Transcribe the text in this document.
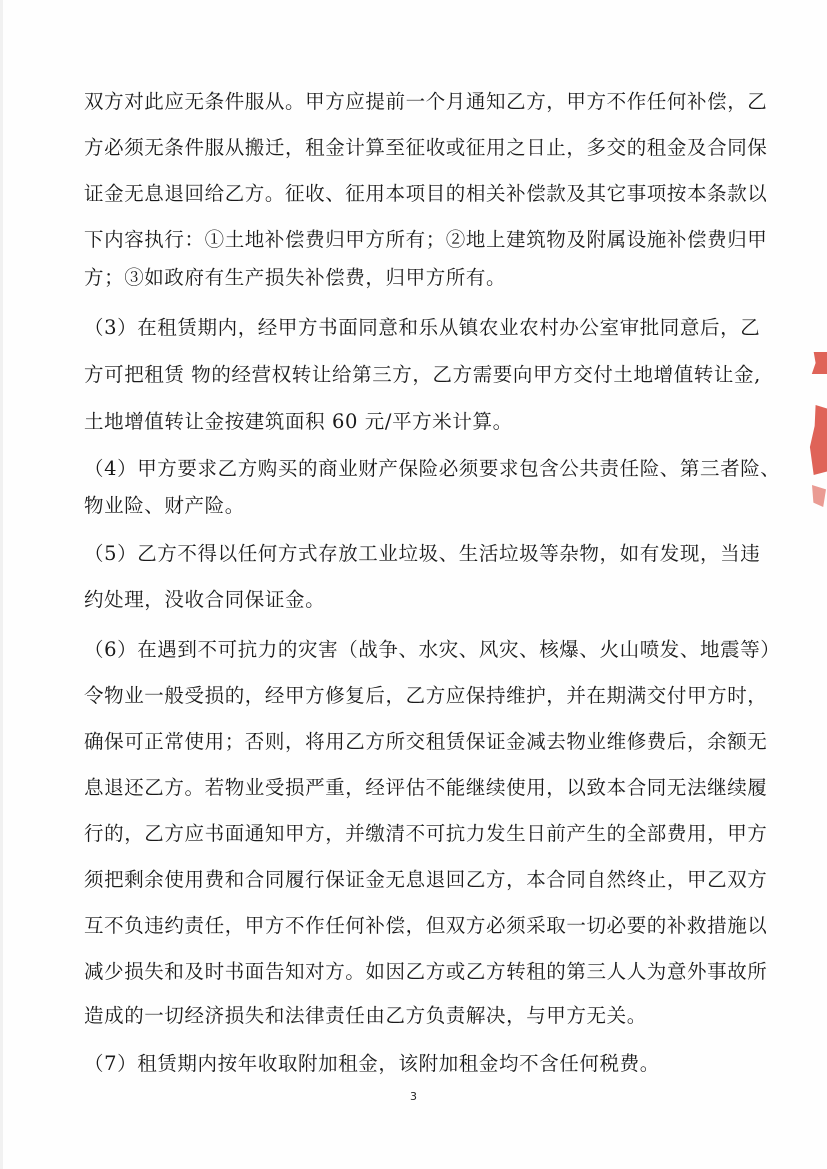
双方对此应无条件服从。甲方应提前一个月通知乙方，甲方不作任何补偿，乙
方必须无条件服从搬迁，租金计算至征收或征用之日止，多交的租金及合同保
证金无息退回给乙方。征收、征用本项目的相关补偿款及其它事项按本条款以
下内容执行：①土地补偿费归甲方所有；②地上建筑物及附属设施补偿费归甲
方；③如政府有生产损失补偿费，归甲方所有。
（3）在租赁期内，经甲方书面同意和乐从镇农业农村办公室审批同意后，乙
方可把租赁 物的经营权转让给第三方，乙方需要向甲方交付土地增值转让金,
土地增值转让金按建筑面积 60 元/平方米计算。
（4）甲方要求乙方购买的商业财产保险必须要求包含公共责任险、第三者险、
物业险、财产险。
（5）乙方不得以任何方式存放工业垃圾、生活垃圾等杂物，如有发现，当违
约处理，没收合同保证金。
（6）在遇到不可抗力的灾害（战争、水灾、风灾、核爆、火山喷发、地震等）
令物业一般受损的，经甲方修复后，乙方应保持维护，并在期满交付甲方时，
确保可正常使用；否则，将用乙方所交租赁保证金减去物业维修费后，余额无
息退还乙方。若物业受损严重，经评估不能继续使用，以致本合同无法继续履
行的，乙方应书面通知甲方，并缴清不可抗力发生日前产生的全部费用，甲方
须把剩余使用费和合同履行保证金无息退回乙方，本合同自然终止，甲乙双方
互不负违约责任，甲方不作任何补偿，但双方必须采取一切必要的补救措施以
减少损失和及时书面告知对方。如因乙方或乙方转租的第三人人为意外事故所
造成的一切经济损失和法律责任由乙方负责解决，与甲方无关。
（7）租赁期内按年收取附加租金，该附加租金均不含任何税费。
3
